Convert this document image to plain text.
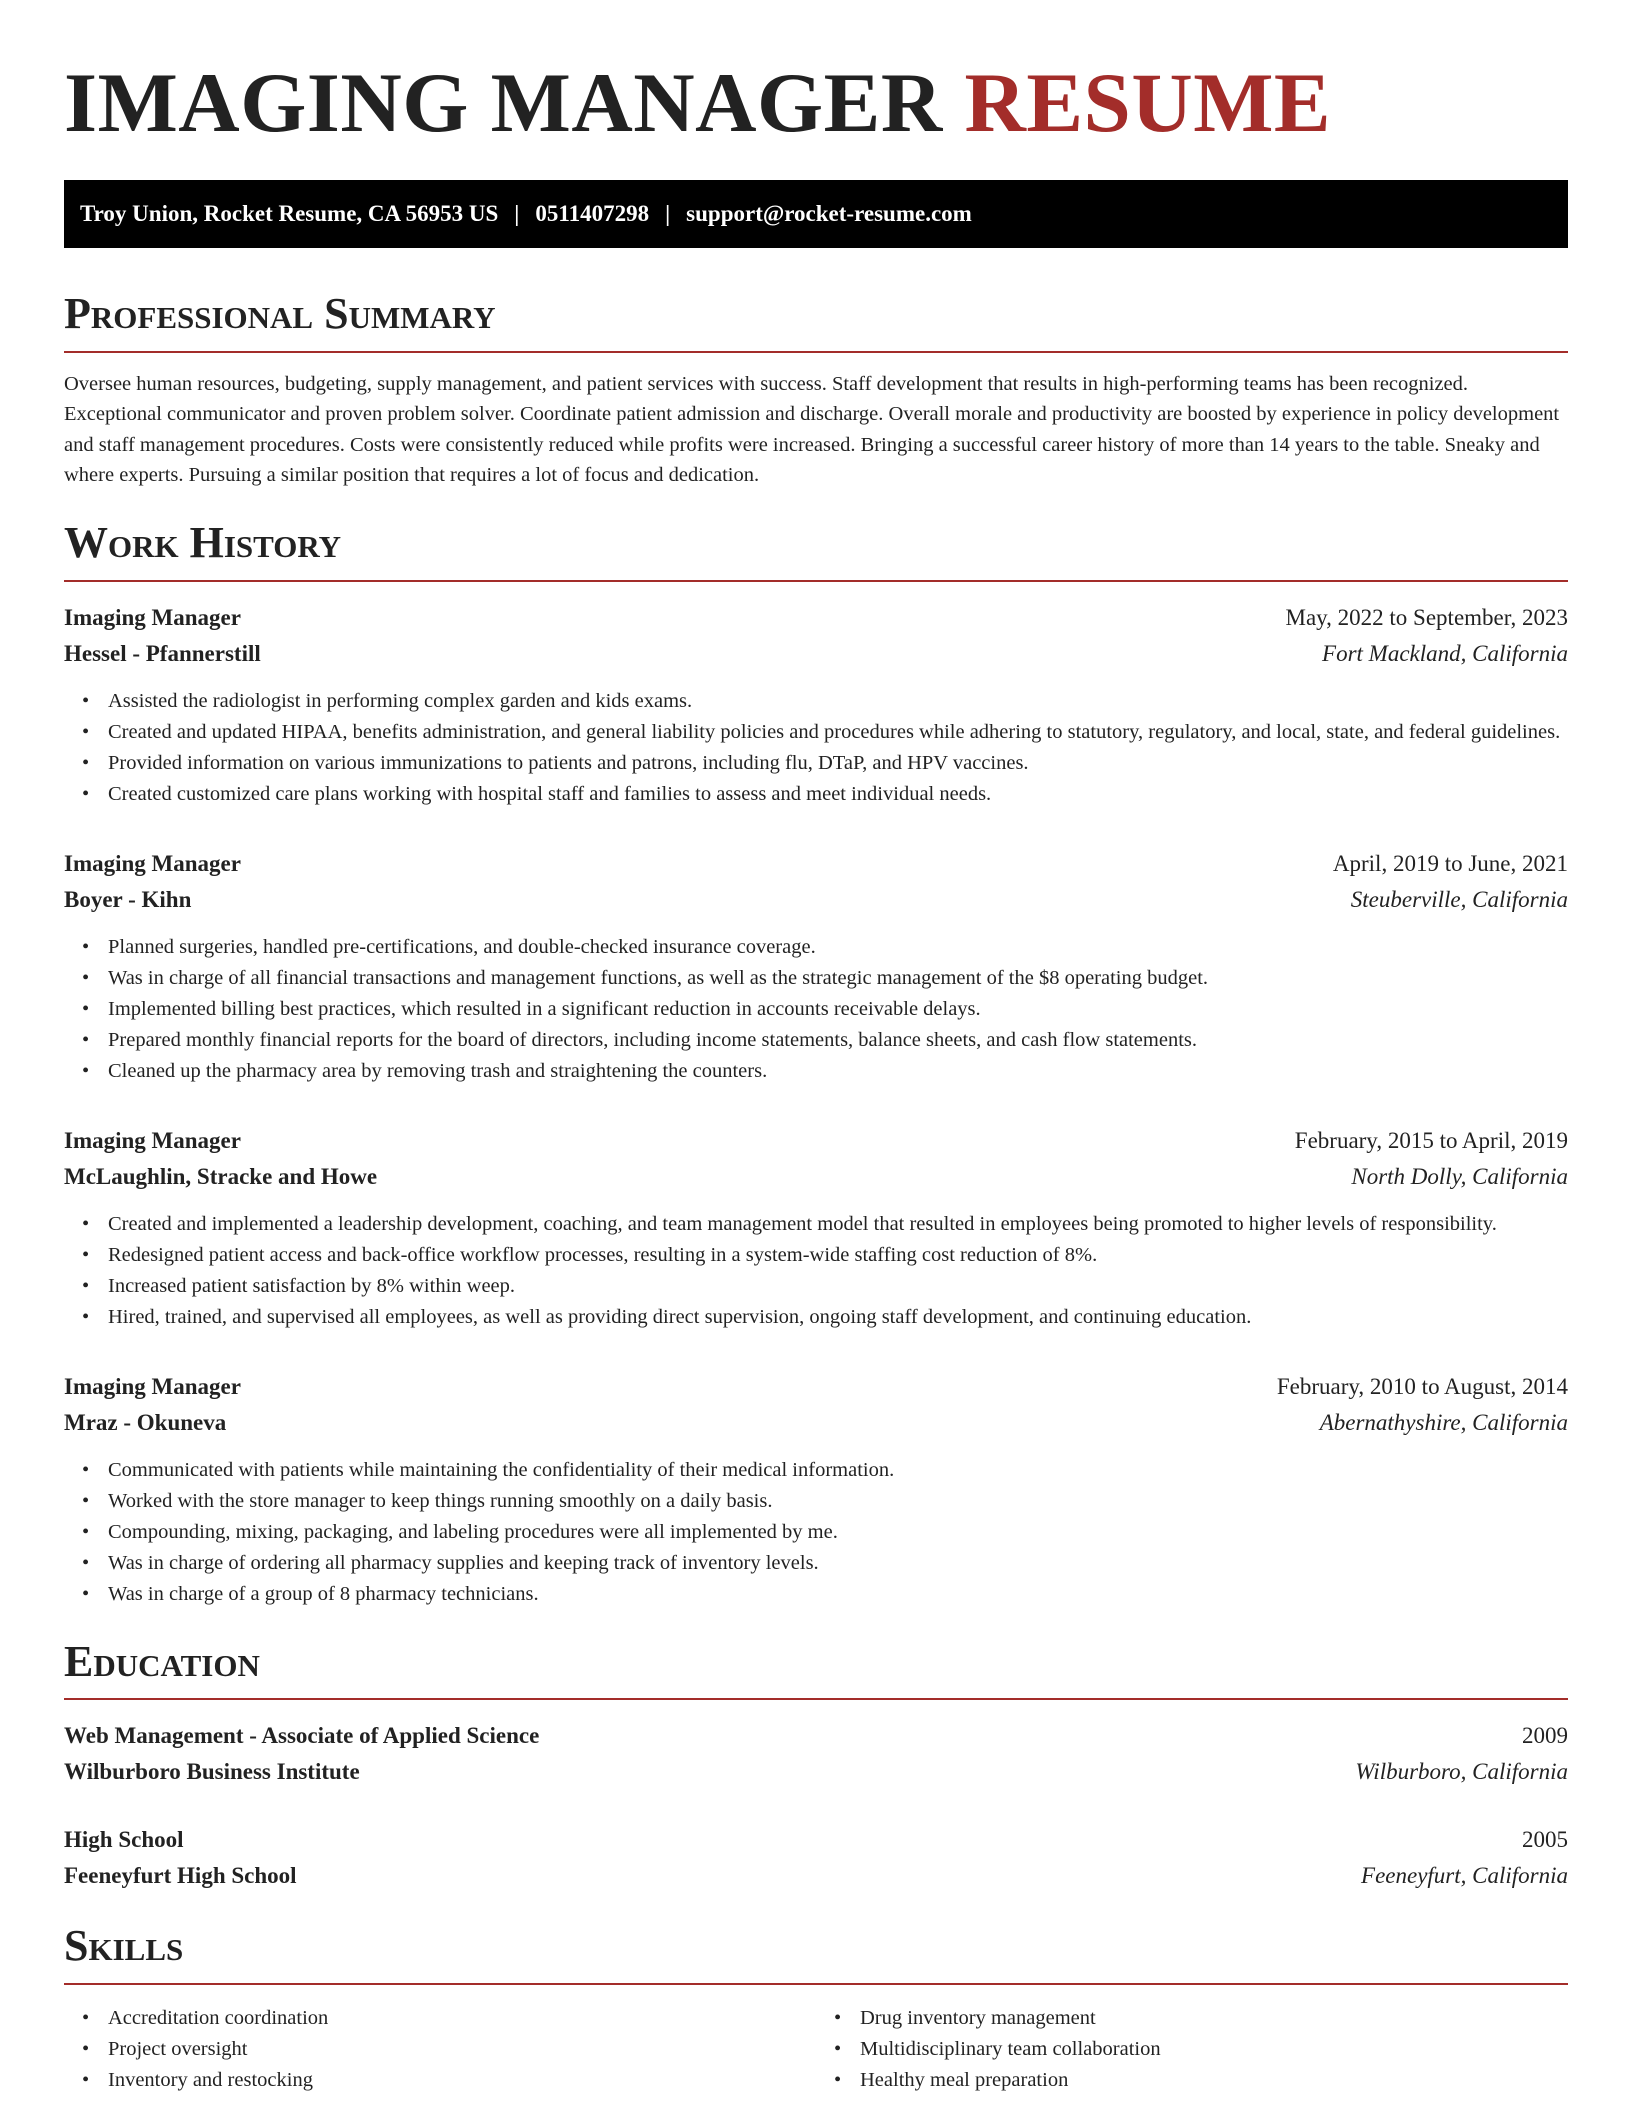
IMAGING MANAGER RESUME
Troy Union, Rocket Resume, CA 56953 US | 0511407298 | support@rocket-resume.com
Professional Summary

Oversee human resources, budgeting, supply management, and patient services with success. Staff development that results in high-performing teams has been recognized. Exceptional communicator and proven problem solver. Coordinate patient admission and discharge. Overall morale and productivity are boosted by experience in policy development and staff management procedures. Costs were consistently reduced while profits were increased. Bringing a successful career history of more than 14 years to the table. Sneaky and where experts. Pursuing a similar position that requires a lot of focus and dedication.

Work History
Imaging Manager	May, 2022 to September, 2023
Hessel - Pfannerstill	Fort Mackland, California
• Assisted the radiologist in performing complex garden and kids exams.
• Created and updated HIPAA, benefits administration, and general liability policies and procedures while adhering to statutory, regulatory, and local, state, and federal guidelines.
• Provided information on various immunizations to patients and patrons, including flu, DTaP, and HPV vaccines.
• Created customized care plans working with hospital staff and families to assess and meet individual needs.
Imaging Manager	April, 2019 to June, 2021
Boyer - Kihn	Steuberville, California
• Planned surgeries, handled pre-certifications, and double-checked insurance coverage.
• Was in charge of all financial transactions and management functions, as well as the strategic management of the $8 operating budget.
• Implemented billing best practices, which resulted in a significant reduction in accounts receivable delays.
• Prepared monthly financial reports for the board of directors, including income statements, balance sheets, and cash flow statements.
• Cleaned up the pharmacy area by removing trash and straightening the counters.
Imaging Manager	February, 2015 to April, 2019
McLaughlin, Stracke and Howe	North Dolly, California
• Created and implemented a leadership development, coaching, and team management model that resulted in employees being promoted to higher levels of responsibility.
• Redesigned patient access and back-office workflow processes, resulting in a system-wide staffing cost reduction of 8%.
• Increased patient satisfaction by 8% within weep.
• Hired, trained, and supervised all employees, as well as providing direct supervision, ongoing staff development, and continuing education.
Imaging Manager	February, 2010 to August, 2014
Mraz - Okuneva	Abernathyshire, California
• Communicated with patients while maintaining the confidentiality of their medical information.
• Worked with the store manager to keep things running smoothly on a daily basis.
• Compounding, mixing, packaging, and labeling procedures were all implemented by me.
• Was in charge of ordering all pharmacy supplies and keeping track of inventory levels.
• Was in charge of a group of 8 pharmacy technicians.
Education
Web Management - Associate of Applied Science	2009
Wilburboro Business Institute	Wilburboro, California
High School	2005
Feeneyfurt High School	Feeneyfurt, California
Skills
• Accreditation coordination
• Project oversight
• Inventory and restocking
• Drug inventory management
• Multidisciplinary team collaboration
• Healthy meal preparation
